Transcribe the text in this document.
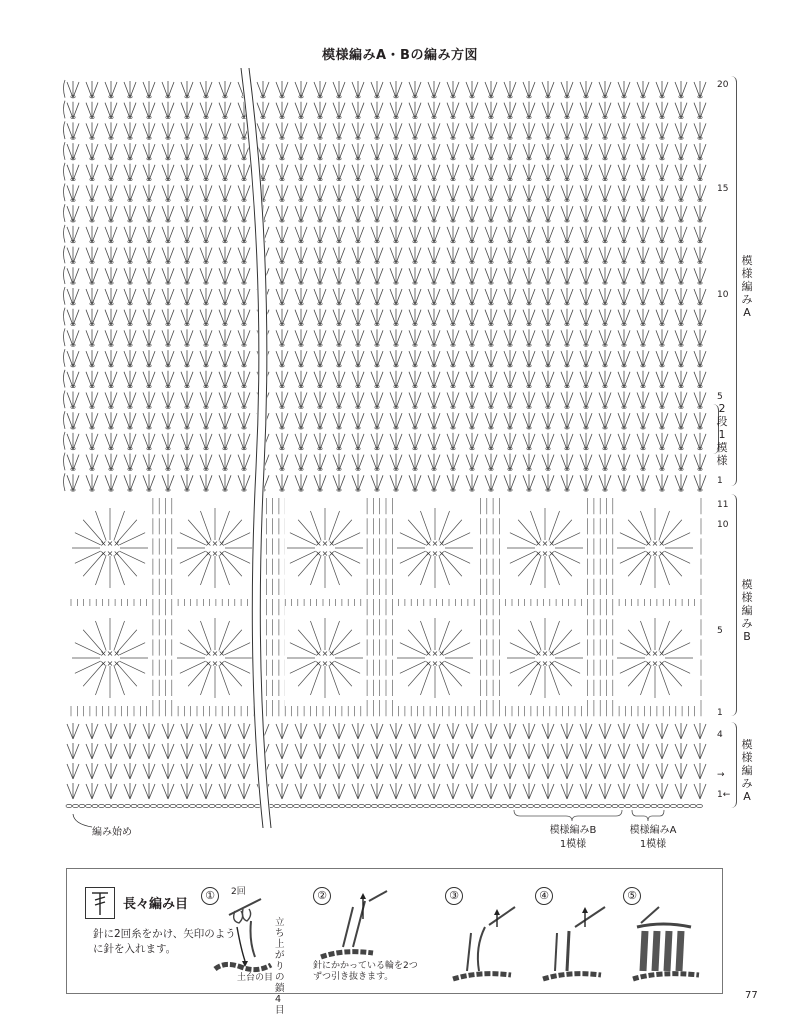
模様編みA・Bの編み方図
×××
×××
×××
×××
×××
×××
×××
×××
×××
×××
×××
×××
×××
×××
×××
×××
×××
×××
×××
×××
×××
×××
×××
×××
20
15
10
5
1
11
10
5
1
4
→
1←
模様編みA
2段1模様
模様編みB
模様編みA
編み始め	模様編みB
1模様
模様編みA
1模様
長々編み目
針に2回糸をかけ、矢印のように針を入れます。
①	2回
立ち上がりの鎖4目
土台の目
②
針にかかっている輪を2つずつ引き抜きます。
③	④	⑤
77
